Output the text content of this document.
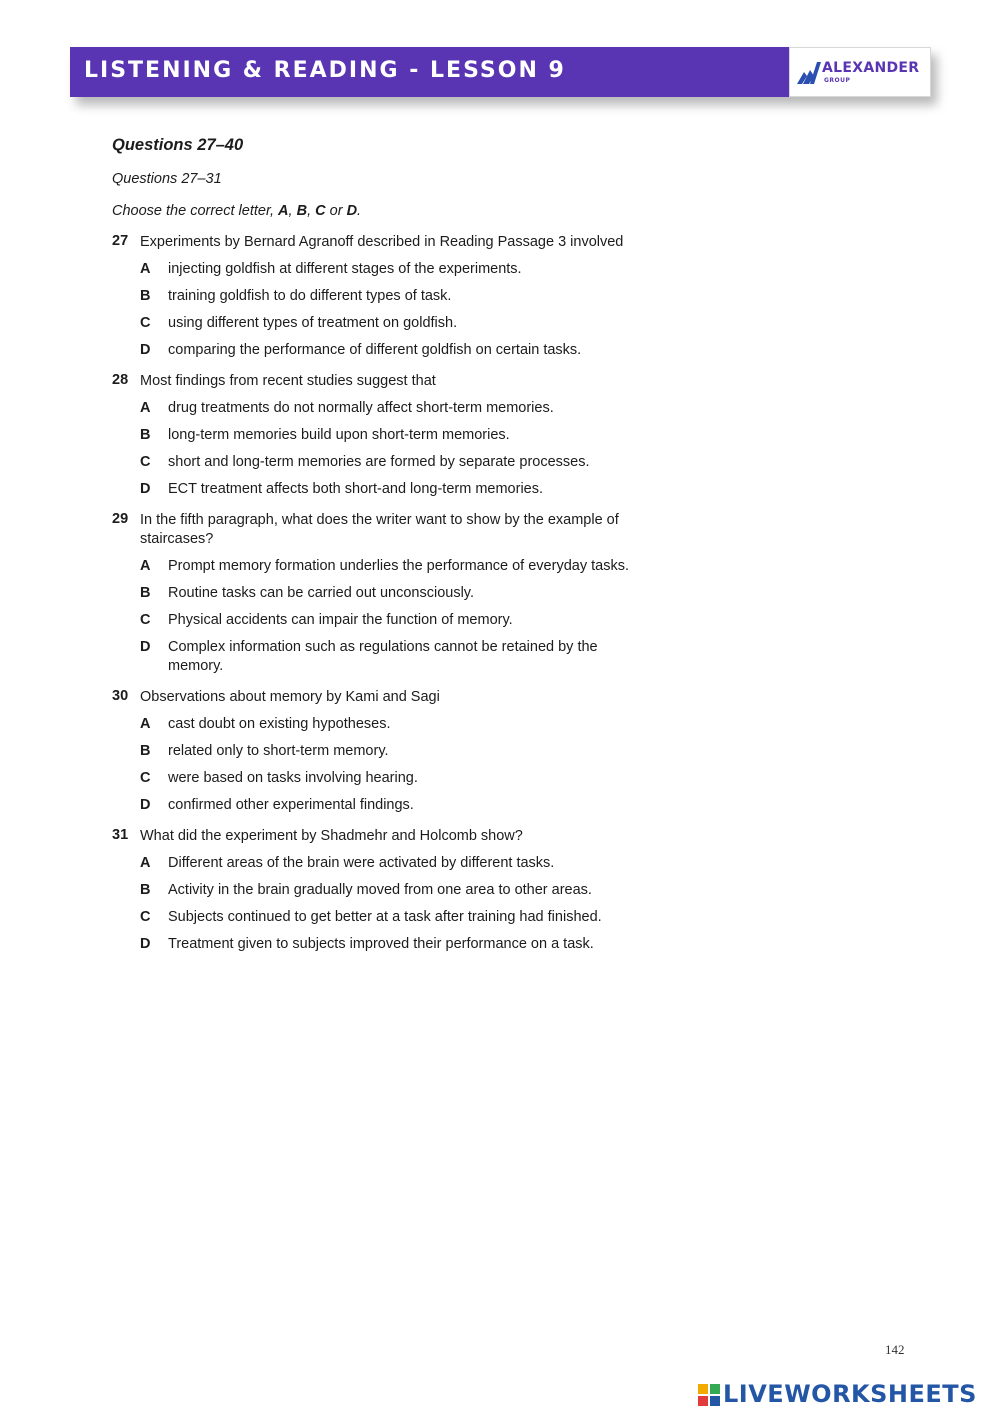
LISTENING & READING - LESSON 9	ALEXANDER
GROUP
Questions 27–40
Questions 27–31
Choose the correct letter, A, B, C or D.
27 Experiments by Bernard Agranoff described in Reading Passage 3 involved
A	injecting goldfish at different stages of the experiments.
B	training goldfish to do different types of task.
C	using different types of treatment on goldfish.
D	comparing the performance of different goldfish on certain tasks.
28 Most findings from recent studies suggest that
A	drug treatments do not normally affect short-term memories.
B	long-term memories build upon short-term memories.
C	short and long-term memories are formed by separate processes.
D	ECT treatment affects both short-and long-term memories.
29 In the fifth paragraph, what does the writer want to show by the example of staircases?
A	Prompt memory formation underlies the performance of everyday tasks.
B	Routine tasks can be carried out unconsciously.
C	Physical accidents can impair the function of memory.
D	Complex information such as regulations cannot be retained by the memory.
30 Observations about memory by Kami and Sagi
A	cast doubt on existing hypotheses.
B	related only to short-term memory.
C	were based on tasks involving hearing.
D	confirmed other experimental findings.
31 What did the experiment by Shadmehr and Holcomb show?
A	Different areas of the brain were activated by different tasks.
B	Activity in the brain gradually moved from one area to other areas.
C	Subjects continued to get better at a task after training had finished.
D	Treatment given to subjects improved their performance on a task.
142
LIVEWORKSHEETS
